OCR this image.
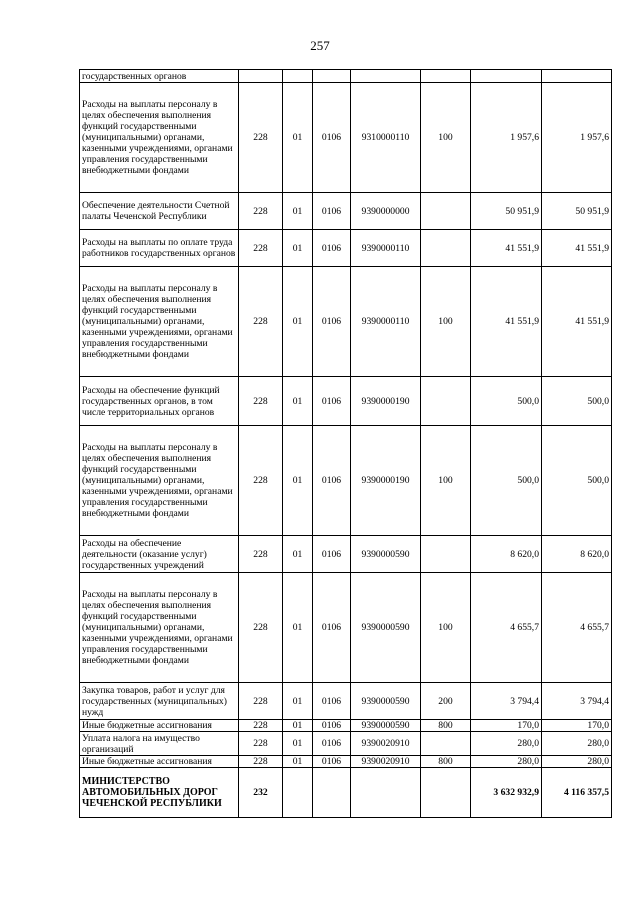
257
государственных органов							
Расходы на выплаты персоналу в целях обеспечения выполнения функций государственными (муниципальными) органами, казенными учреждениями, органами управления государственными внебюджетными фондами	228	01	0106	9310000110	100	1 957,6	1 957,6
Обеспечение деятельности Счетной палаты Чеченской Республики	228	01	0106	9390000000		50 951,9	50 951,9
Расходы на выплаты по оплате труда работников государственных органов	228	01	0106	9390000110		41 551,9	41 551,9
Расходы на выплаты персоналу в целях обеспечения выполнения функций государственными (муниципальными) органами, казенными учреждениями, органами управления государственными внебюджетными фондами	228	01	0106	9390000110	100	41 551,9	41 551,9
Расходы на обеспечение функций государственных органов, в том числе территориальных органов	228	01	0106	9390000190		500,0	500,0
Расходы на выплаты персоналу в целях обеспечения выполнения функций государственными (муниципальными) органами, казенными учреждениями, органами управления государственными внебюджетными фондами	228	01	0106	9390000190	100	500,0	500,0
Расходы на обеспечение деятельности (оказание услуг) государственных учреждений	228	01	0106	9390000590		8 620,0	8 620,0
Расходы на выплаты персоналу в целях обеспечения выполнения функций государственными (муниципальными) органами, казенными учреждениями, органами управления государственными внебюджетными фондами	228	01	0106	9390000590	100	4 655,7	4 655,7
Закупка товаров, работ и услуг для государственных (муниципальных) нужд	228	01	0106	9390000590	200	3 794,4	3 794,4
Иные бюджетные ассигнования	228	01	0106	9390000590	800	170,0	170,0
Уплата налога на имущество организаций	228	01	0106	9390020910		280,0	280,0
Иные бюджетные ассигнования	228	01	0106	9390020910	800	280,0	280,0
МИНИСТЕРСТВО АВТОМОБИЛЬНЫХ ДОРОГ ЧЕЧЕНСКОЙ РЕСПУБЛИКИ	232					3 632 932,9	4 116 357,5
